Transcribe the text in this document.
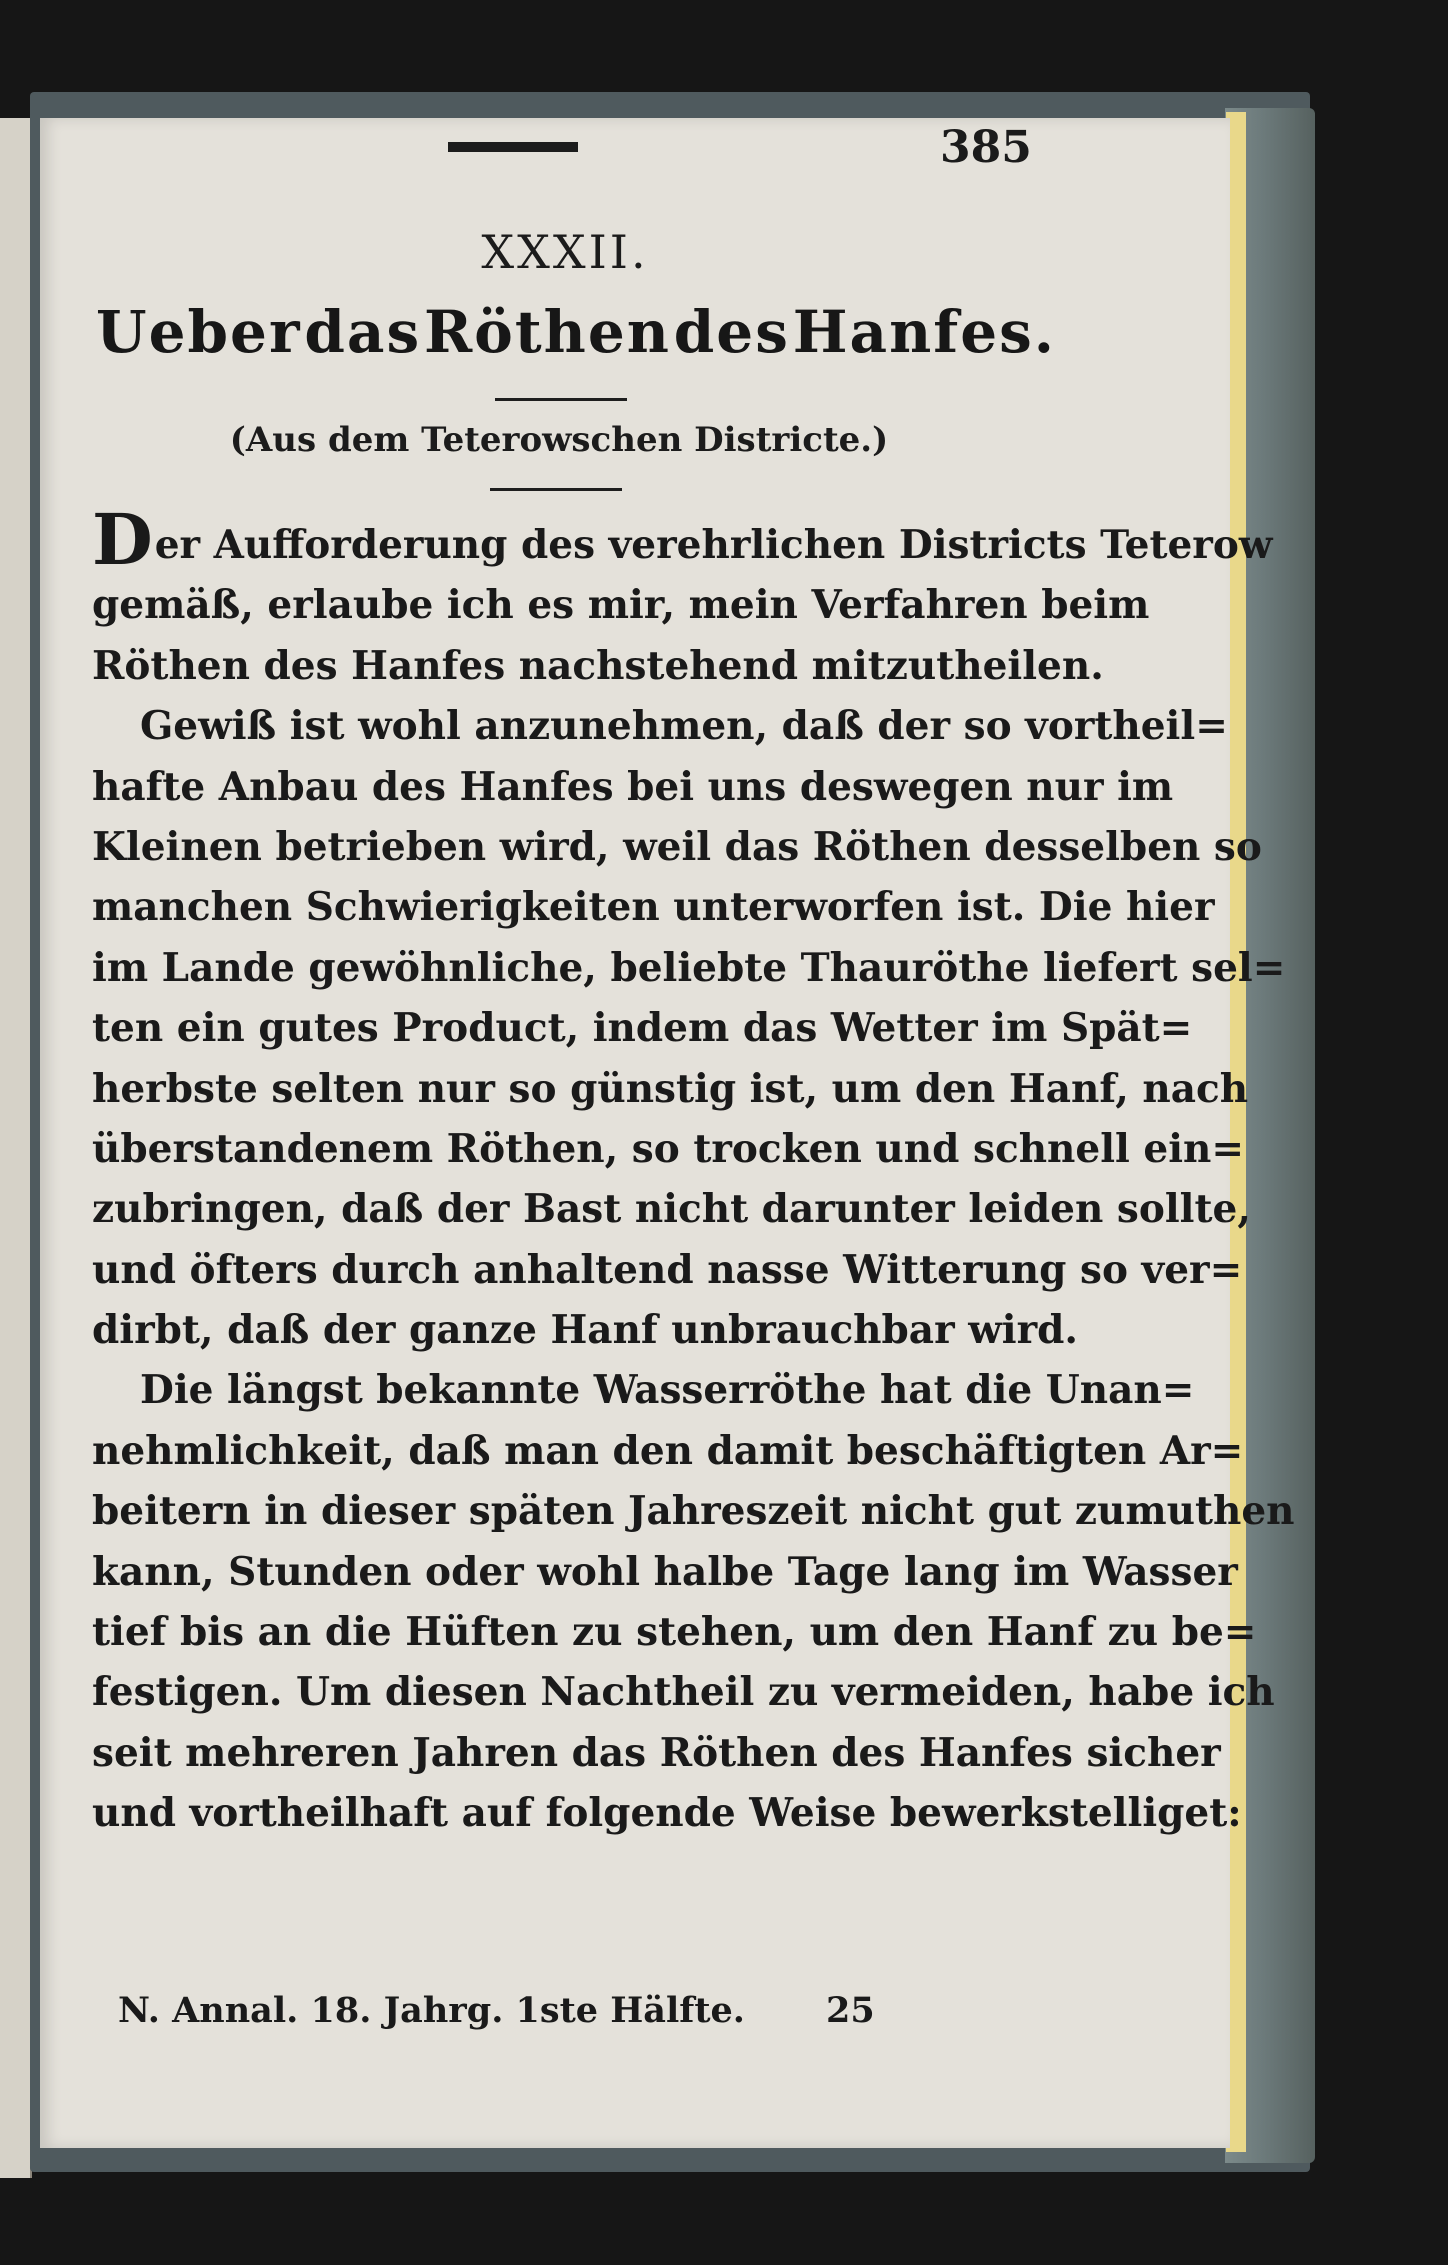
385
XXXII.
Ueber das Röthen des Hanfes.
(Aus dem Teterowschen Districte.)
Der Aufforderung des verehrlichen Districts Teterow
gemäß, erlaube ich es mir, mein Verfahren beim
Röthen des Hanfes nachstehend mitzutheilen.
Gewiß ist wohl anzunehmen, daß der so vortheil=
hafte Anbau des Hanfes bei uns deswegen nur im
Kleinen betrieben wird, weil das Röthen desselben so
manchen Schwierigkeiten unterworfen ist. Die hier
im Lande gewöhnliche, beliebte Thauröthe liefert sel=
ten ein gutes Product, indem das Wetter im Spät=
herbste selten nur so günstig ist, um den Hanf, nach
überstandenem Röthen, so trocken und schnell ein=
zubringen, daß der Bast nicht darunter leiden sollte,
und öfters durch anhaltend nasse Witterung so ver=
dirbt, daß der ganze Hanf unbrauchbar wird.
Die längst bekannte Wasserröthe hat die Unan=
nehmlichkeit, daß man den damit beschäftigten Ar=
beitern in dieser späten Jahreszeit nicht gut zumuthen
kann, Stunden oder wohl halbe Tage lang im Wasser
tief bis an die Hüften zu stehen, um den Hanf zu be=
festigen. Um diesen Nachtheil zu vermeiden, habe ich
seit mehreren Jahren das Röthen des Hanfes sicher
und vortheilhaft auf folgende Weise bewerkstelliget:
N. Annal. 18. Jahrg. 1ste Hälfte. 25
